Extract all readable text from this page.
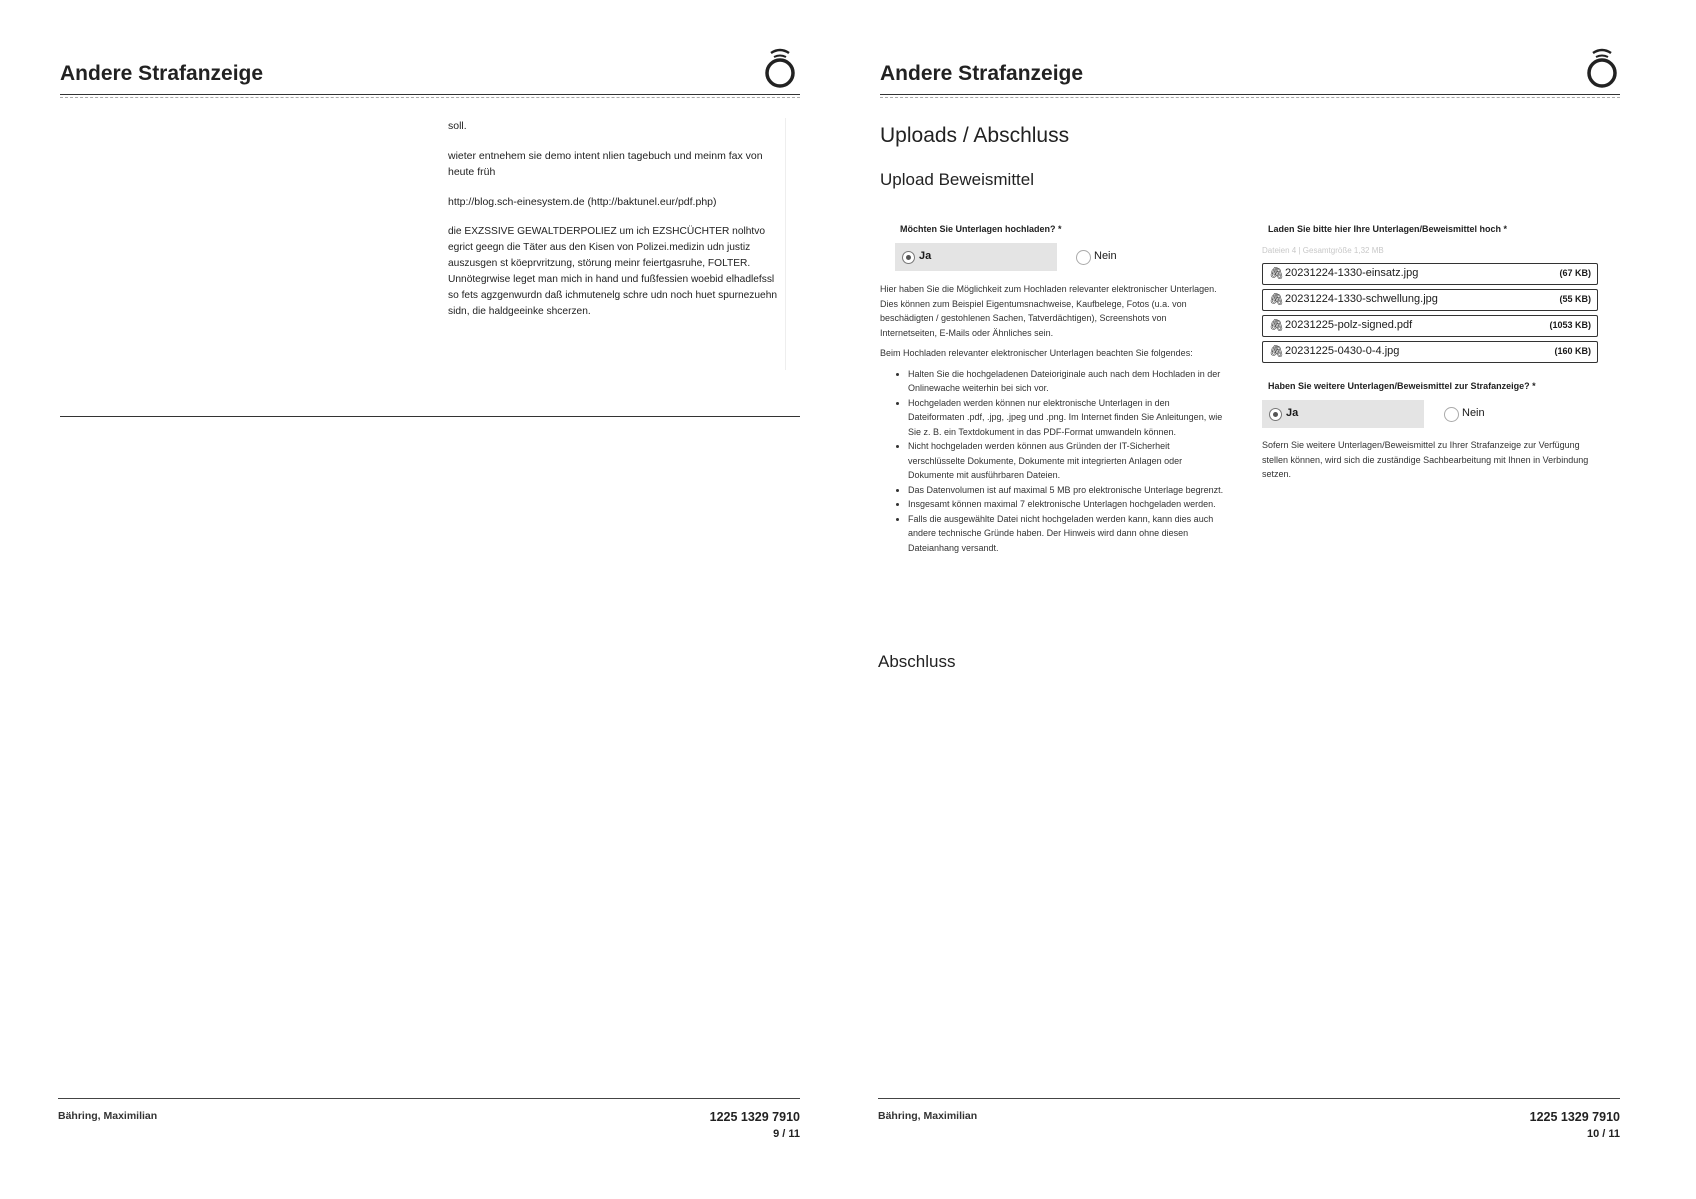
Andere Strafanzeige

soll.

wieter entnehem sie demo intent nlien tagebuch und meinm fax von heute früh

http://blog.sch-einesystem.de (http://baktunel.eur/pdf.php)

die EXZSSIVE GEWALTDERPOLIEZ um ich EZSHCÜCHTER nolhtvo egrict geegn die Täter aus den Kisen von Polizei.medizin udn justiz auszusgen st köeprvritzung, störung meinr feiertgasruhe, FOLTER. Unnötegrwise leget man mich in hand und fußfessien woebid elhadlefssl so fets agzgenwurdn daß ichmutenelg schre udn noch huet spurnezuehn sidn, die haldgeeinke shcerzen.

Bähring, Maximilian	1225 1329 7910
9 / 11
Andere Strafanzeige
Uploads / Abschluss
Upload Beweismittel
Möchten Sie Unterlagen hochladen? *
Ja	Nein

Hier haben Sie die Möglichkeit zum Hochladen relevanter elektronischer Unterlagen. Dies können zum Beispiel Eigentumsnachweise, Kaufbelege, Fotos (u.a. von beschädigten / gestohlenen Sachen, Tatverdächtigen), Screenshots von Internetseiten, E-Mails oder Ähnliches sein.

Beim Hochladen relevanter elektronischer Unterlagen beachten Sie folgendes:

• Halten Sie die hochgeladenen Dateioriginale auch nach dem Hochladen in der Onlinewache weiterhin bei sich vor.
• Hochgeladen werden können nur elektronische Unterlagen in den Dateiformaten .pdf, .jpg, .jpeg und .png. Im Internet finden Sie Anleitungen, wie Sie z. B. ein Textdokument in das PDF-Format umwandeln können.
• Nicht hochgeladen werden können aus Gründen der IT-Sicherheit verschlüsselte Dokumente, Dokumente mit integrierten Anlagen oder Dokumente mit ausführbaren Dateien.
• Das Datenvolumen ist auf maximal 5 MB pro elektronische Unterlage begrenzt.
• Insgesamt können maximal 7 elektronische Unterlagen hochgeladen werden.
• Falls die ausgewählte Datei nicht hochgeladen werden kann, kann dies auch andere technische Gründe haben. Der Hinweis wird dann ohne diesen Dateianhang versandt.
Laden Sie bitte hier Ihre Unterlagen/Beweismittel hoch *
Dateien 4 | Gesamtgröße 1,32 MB
🖇 20231224-1330-einsatz.jpg	(67 KB)
🖇 20231224-1330-schwellung.jpg	(55 KB)
🖇 20231225-polz-signed.pdf	(1053 KB)
🖇 20231225-0430-0-4.jpg	(160 KB)
Haben Sie weitere Unterlagen/Beweismittel zur Strafanzeige? *
Ja	Nein
Sofern Sie weitere Unterlagen/Beweismittel zu Ihrer Strafanzeige zur Verfügung stellen können, wird sich die zuständige Sachbearbeitung mit Ihnen in Verbindung setzen.
Abschluss
Bähring, Maximilian	1225 1329 7910
10 / 11
